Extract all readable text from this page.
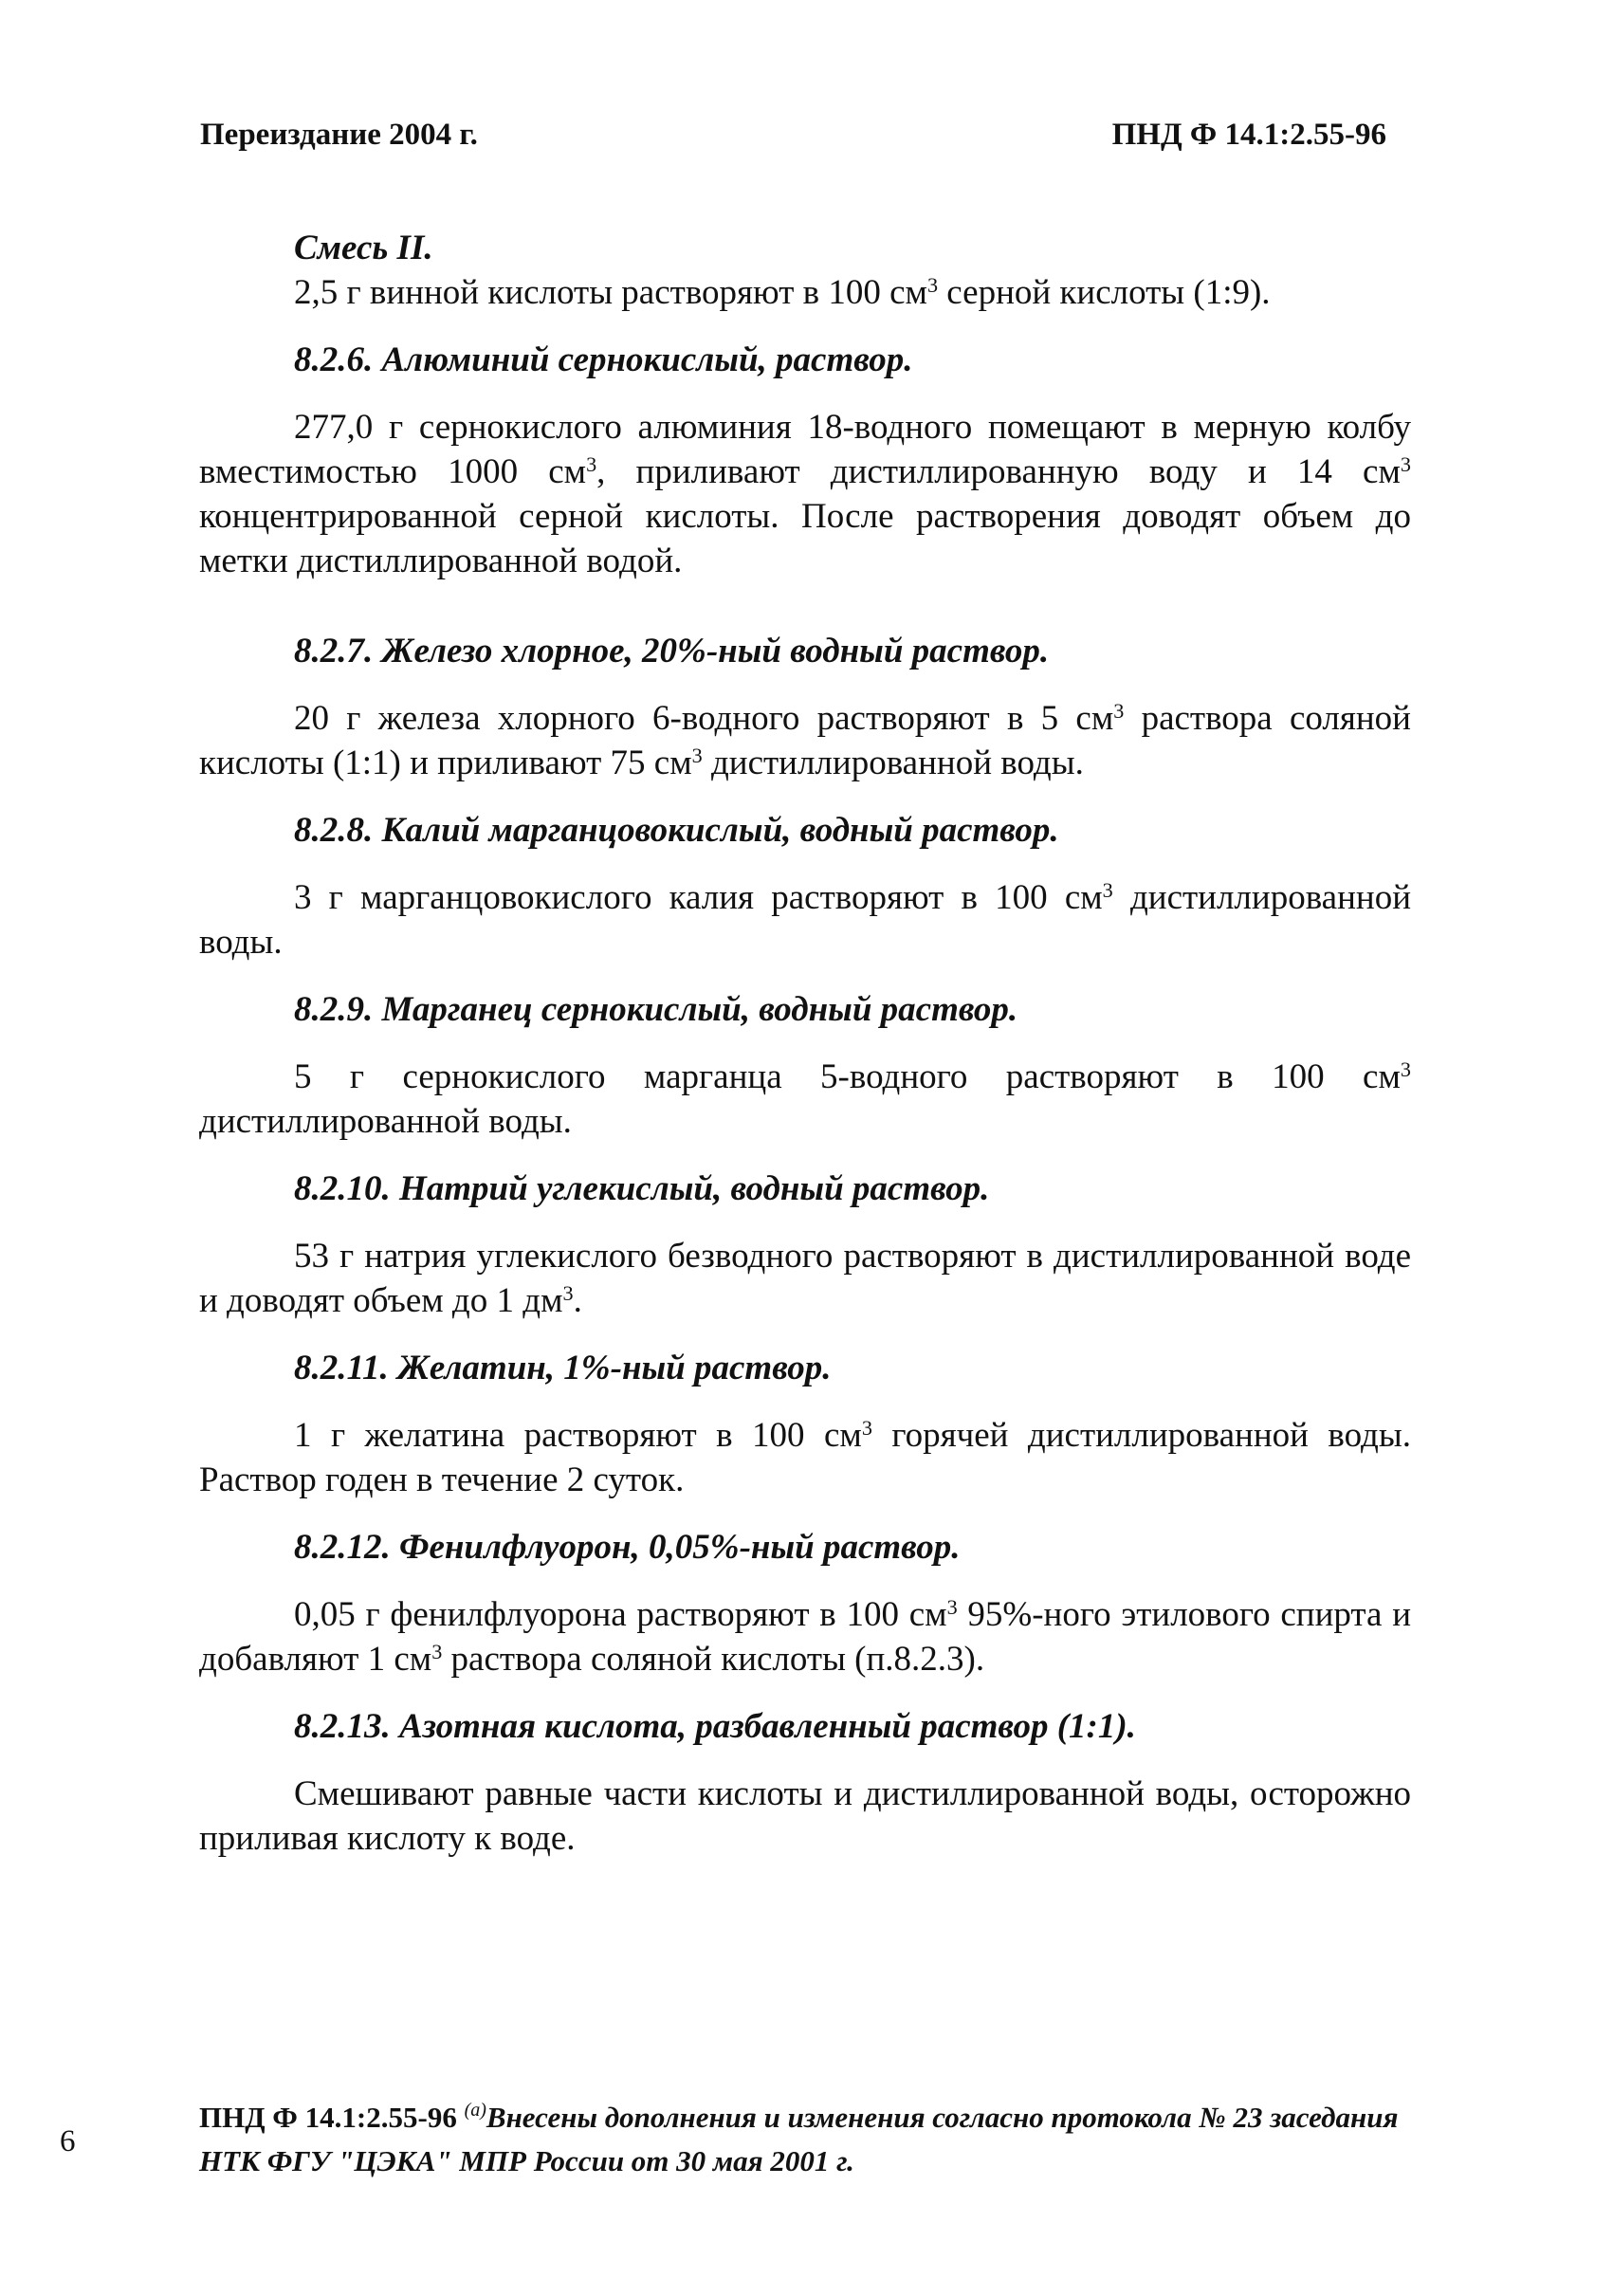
Переиздание 2004 г.	ПНД Ф 14.1:2.55-96

Смесь II.

2,5 г винной кислоты растворяют в 100 $см^3$ серной кислоты (1:9).

8.2.6. Алюминий сернокислый, раствор.

277,0 г сернокислого алюминия 18-водного помещают в мерную колбу вместимостью 1000 $см^3$, приливают дистиллированную воду и 14 $см^3$ концентрированной серной кислоты. После растворения доводят объем до метки дистиллированной водой.

8.2.7. Железо хлорное, 20%-ный водный раствор.

20 г железа хлорного 6-водного растворяют в 5 $см^3$ раствора соляной кислоты (1:1) и приливают 75 $см^3$ дистиллированной воды.

8.2.8. Калий марганцовокислый, водный раствор.

3 г марганцовокислого калия растворяют в 100 $см^3$ дистиллированной воды.

8.2.9. Марганец сернокислый, водный раствор.

5 г сернокислого марганца 5-водного растворяют в 100 $см^3$ дистиллированной воды.

8.2.10. Натрий углекислый, водный раствор.

53 г натрия углекислого безводного растворяют в дистиллированной воде и доводят объем до 1 $дм^3$.

8.2.11. Желатин, 1%-ный раствор.

1 г желатина растворяют в 100 $см^3$ горячей дистиллированной воды. Раствор годен в течение 2 суток.

8.2.12. Фенилфлуорон, 0,05%-ный раствор.

0,05 г фенилфлуорона растворяют в 100 $см^3$ 95%-ного этилового спирта и добавляют 1 $см^3$ раствора соляной кислоты (п.8.2.3).

8.2.13. Азотная кислота, разбавленный раствор (1:1).

Смешивают равные части кислоты и дистиллированной воды, осторожно приливая кислоту к воде.

ПНД Ф 14.1:2.55-96 $^{(а)}$Внесены дополнения и изменения согласно протокола № 23 заседания НТК ФГУ "ЦЭКА" МПР России от 30 мая 2001 г.
6
